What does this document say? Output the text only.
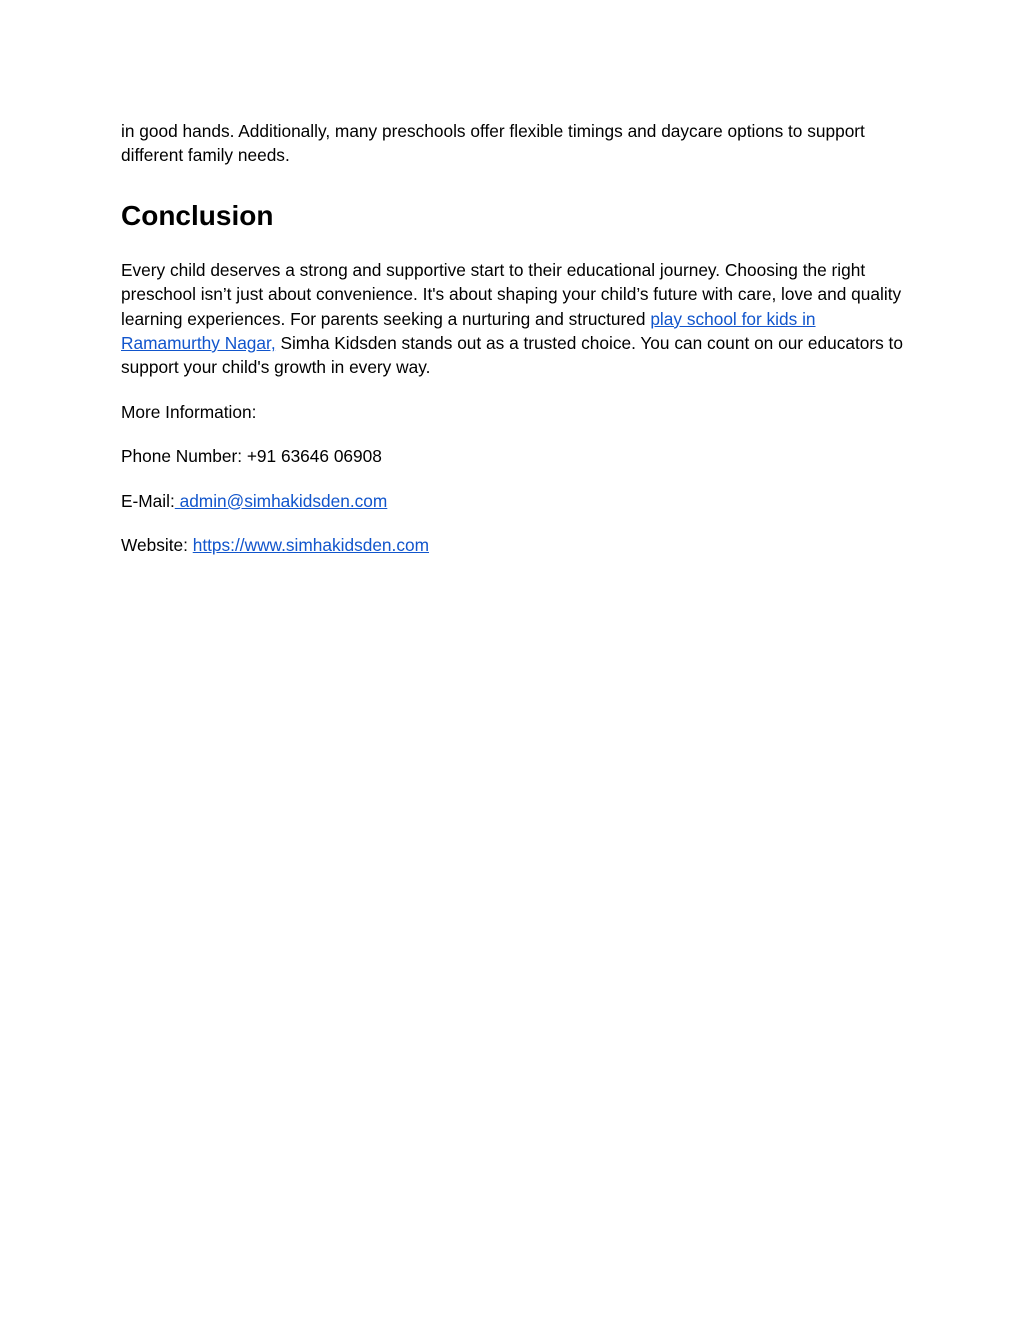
in good hands. Additionally, many preschools offer flexible timings and daycare options to support different family needs.

Conclusion

Every child deserves a strong and supportive start to their educational journey. Choosing the right preschool isn’t just about convenience. It's about shaping your child’s future with care, love and quality learning experiences. For parents seeking a nurturing and structured play school for kids in Ramamurthy Nagar, Simha Kidsden stands out as a trusted choice. You can count on our educators to support your child's growth in every way.

More Information:

Phone Number: +91 63646 06908

E-Mail: admin@simhakidsden.com

Website: https://www.simhakidsden.com
